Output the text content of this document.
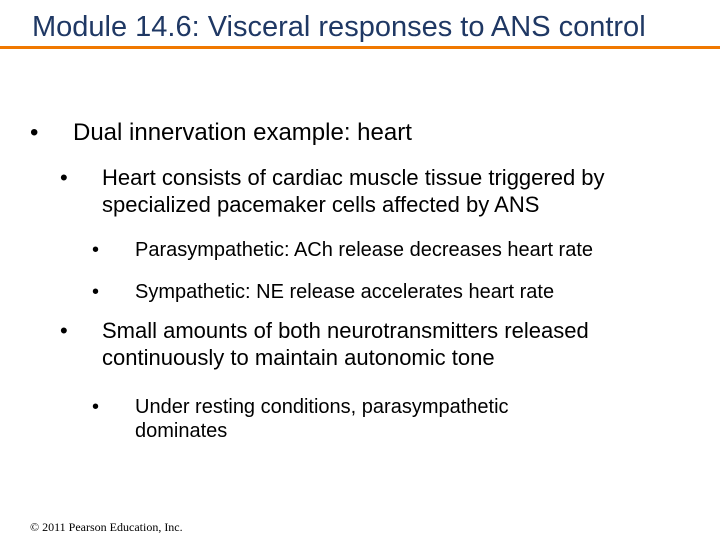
Module 14.6: Visceral responses to ANS control
• Dual innervation example: heart
• Heart consists of cardiac muscle tissue triggered by specialized pacemaker cells affected by ANS
• Parasympathetic: ACh release decreases heart rate
• Sympathetic: NE release accelerates heart rate
• Small amounts of both neurotransmitters released continuously to maintain autonomic tone
• Under resting conditions, parasympathetic dominates
© 2011 Pearson Education, Inc.
